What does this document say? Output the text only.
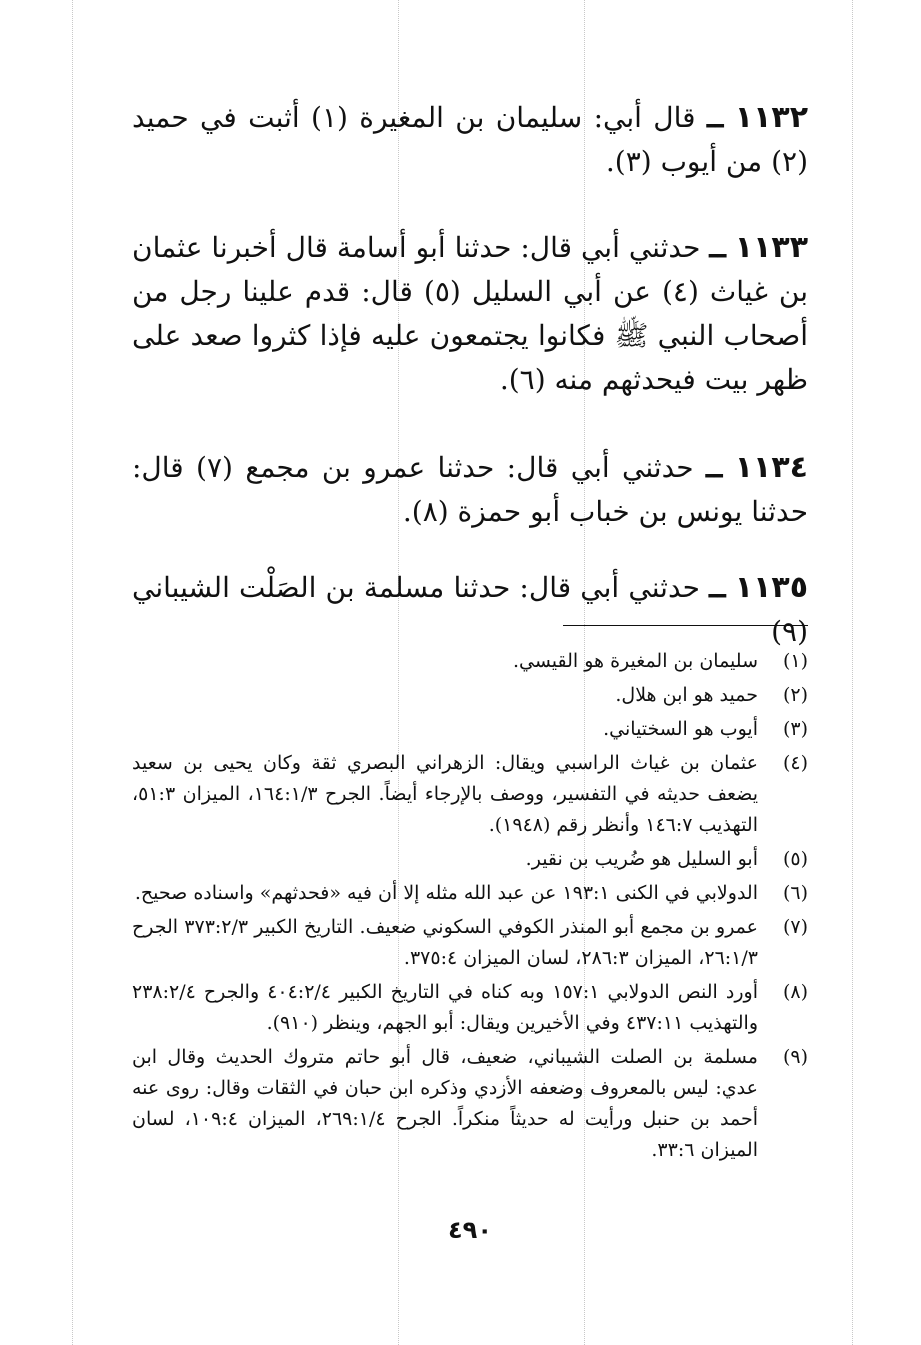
١١٣٢ ــ قال أبي: سليمان بن المغيرة (١) أثبت في حميد (٢) من أيوب (٣).

١١٣٣ ــ حدثني أبي قال: حدثنا أبو أسامة قال أخبرنا عثمان بن غياث (٤) عن أبي السليل (٥) قال: قدم علينا رجل من أصحاب النبي ﷺ فكانوا يجتمعون عليه فإذا كثروا صعد على ظهر بيت فيحدثهم منه (٦).

١١٣٤ ــ حدثني أبي قال: حدثنا عمرو بن مجمع (٧) قال: حدثنا يونس بن خباب أبو حمزة (٨).

١١٣٥ ــ حدثني أبي قال: حدثنا مسلمة بن الصَلْت الشيباني (٩)

(١)
سليمان بن المغيرة هو القيسي.
(٢)
حميد هو ابن هلال.
(٣)
أيوب هو السختياني.
(٤)
عثمان بن غياث الراسبي ويقال: الزهراني البصري ثقة وكان يحيى بن سعيد يضعف حديثه في التفسير، ووصف بالإرجاء أيضاً. الجرح ١٦٤:١/٣، الميزان ٥١:٣، التهذيب ١٤٦:٧ وأنظر رقم (١٩٤٨).
(٥)
أبو السليل هو ضُريب بن نقير.
(٦)
الدولابي في الكنى ١٩٣:١ عن عبد الله مثله إلا أن فيه «فحدثهم» واسناده صحيح.
(٧)
عمرو بن مجمع أبو المنذر الكوفي السكوني ضعيف. التاريخ الكبير ٣٧٣:٢/٣ الجرح ٢٦:١/٣، الميزان ٢٨٦:٣، لسان الميزان ٣٧٥:٤.
(٨)
أورد النص الدولابي ١٥٧:١ وبه كناه في التاريخ الكبير ٤٠٤:٢/٤ والجرح ٢٣٨:٢/٤ والتهذيب ٤٣٧:١١ وفي الأخيرين ويقال: أبو الجهم، وينظر (٩١٠).
(٩)
مسلمة بن الصلت الشيباني، ضعيف، قال أبو حاتم متروك الحديث وقال ابن عدي: ليس بالمعروف وضعفه الأزدي وذكره ابن حبان في الثقات وقال: روى عنه أحمد بن حنبل ورأيت له حديثاً منكراً. الجرح ٢٦٩:١/٤، الميزان ١٠٩:٤، لسان الميزان ٣٣:٦.
٤٩٠
